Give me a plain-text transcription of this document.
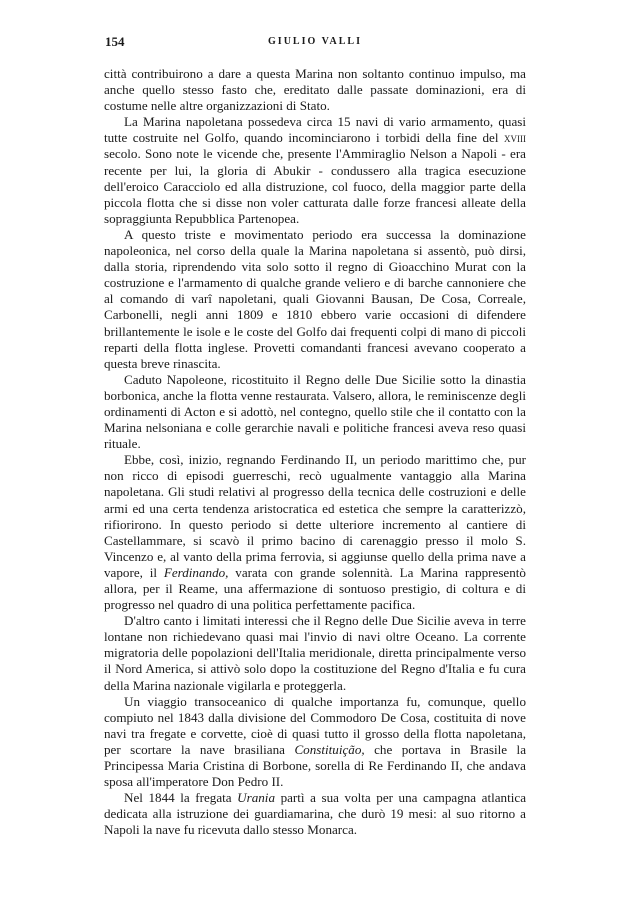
154	GIULIO VALLI

città contribuirono a dare a questa Marina non soltanto continuo impulso, ma anche quello stesso fasto che, ereditato dalle passate dominazioni, era di costume nelle altre organizzazioni di Stato.

La Marina napoletana possedeva circa 15 navi di vario armamento, quasi tutte costruite nel Golfo, quando incominciarono i torbidi della fine del xviii secolo. Sono note le vicende che, presente l'Ammiraglio Nelson a Napoli - era recente per lui, la gloria di Abukir - condussero alla tragica esecuzione dell'eroico Caracciolo ed alla distruzione, col fuoco, della maggior parte della piccola flotta che si disse non voler catturata dalle forze francesi alleate della sopraggiunta Repubblica Partenopea.

A questo triste e movimentato periodo era successa la dominazione napoleonica, nel corso della quale la Marina napoletana si assentò, può dirsi, dalla storia, riprendendo vita solo sotto il regno di Gioacchino Murat con la costruzione e l'armamento di qualche grande veliero e di barche cannoniere che al comando di varî napoletani, quali Giovanni Bausan, De Cosa, Correale, Carbonelli, negli anni 1809 e 1810 ebbero varie occasioni di difendere brillantemente le isole e le coste del Golfo dai frequenti colpi di mano di piccoli reparti della flotta inglese. Provetti comandanti francesi avevano cooperato a questa breve rinascita.

Caduto Napoleone, ricostituito il Regno delle Due Sicilie sotto la dinastia borbonica, anche la flotta venne restaurata. Valsero, allora, le reminiscenze degli ordinamenti di Acton e si adottò, nel contegno, quello stile che il contatto con la Marina nelsoniana e colle gerarchie navali e politiche francesi aveva reso quasi rituale.

Ebbe, così, inizio, regnando Ferdinando II, un periodo marittimo che, pur non ricco di episodi guerreschi, recò ugualmente vantaggio alla Marina napoletana. Gli studi relativi al progresso della tecnica delle costruzioni e delle armi ed una certa tendenza aristocratica ed estetica che sempre la caratterizzò, rifiorirono. In questo periodo si dette ulteriore incremento al cantiere di Castellammare, si scavò il primo bacino di carenaggio presso il molo S. Vincenzo e, al vanto della prima ferrovia, si aggiunse quello della prima nave a vapore, il Ferdinando, varata con grande solennità. La Marina rappresentò allora, per il Reame, una affermazione di sontuoso prestigio, di coltura e di progresso nel quadro di una politica perfettamente pacifica.

D'altro canto i limitati interessi che il Regno delle Due Sicilie aveva in terre lontane non richiedevano quasi mai l'invio di navi oltre Oceano. La corrente migratoria delle popolazioni dell'Italia meridionale, diretta principalmente verso il Nord America, si attivò solo dopo la costituzione del Regno d'Italia e fu cura della Marina nazionale vigilarla e proteggerla.

Un viaggio transoceanico di qualche importanza fu, comunque, quello compiuto nel 1843 dalla divisione del Commodoro De Cosa, costituita di nove navi tra fregate e corvette, cioè di quasi tutto il grosso della flotta napoletana, per scortare la nave brasiliana Constituição, che portava in Brasile la Principessa Maria Cristina di Borbone, sorella di Re Ferdinando II, che andava sposa all'imperatore Don Pedro II.

Nel 1844 la fregata Urania partì a sua volta per una campagna atlantica dedicata alla istruzione dei guardiamarina, che durò 19 mesi: al suo ritorno a Napoli la nave fu ricevuta dallo stesso Monarca.
